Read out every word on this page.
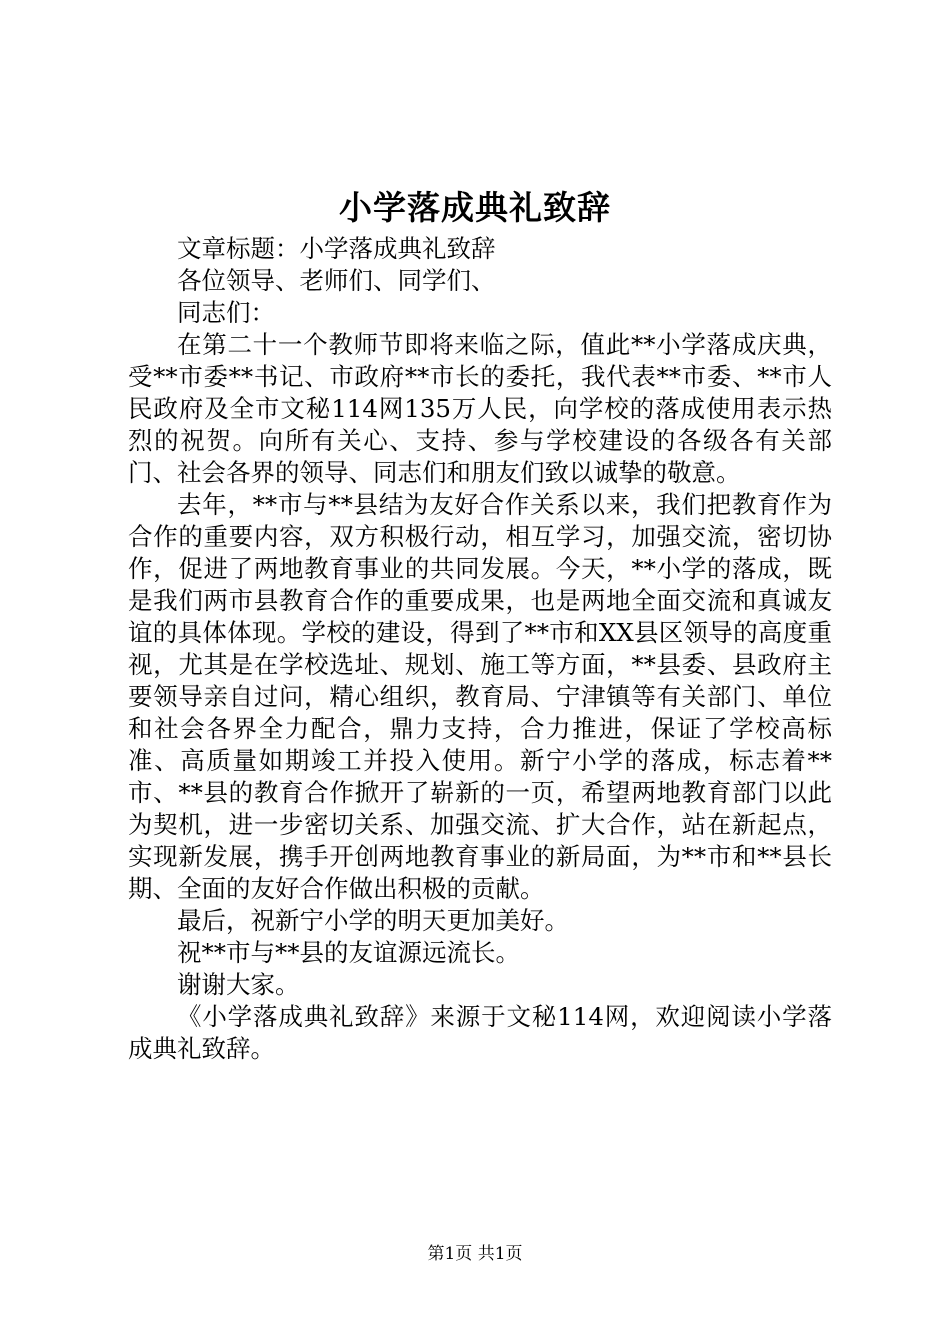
小学落成典礼致辞

文章标题：小学落成典礼致辞

各位领导、老师们、同学们、

同志们：

在第二十一个教师节即将来临之际，值此**小学落成庆典，受**市委**书记、市政府**市长的委托，我代表**市委、**市人民政府及全市文秘114网135万人民，向学校的落成使用表示热烈的祝贺。向所有关心、支持、参与学校建设的各级各有关部门、社会各界的领导、同志们和朋友们致以诚挚的敬意。

去年，**市与**县结为友好合作关系以来，我们把教育作为合作的重要内容，双方积极行动，相互学习，加强交流，密切协作，促进了两地教育事业的共同发展。今天，**小学的落成，既是我们两市县教育合作的重要成果，也是两地全面交流和真诚友谊的具体体现。学校的建设，得到了**市和XX县区领导的高度重视，尤其是在学校选址、规划、施工等方面，**县委、县政府主要领导亲自过问，精心组织，教育局、宁津镇等有关部门、单位和社会各界全力配合，鼎力支持，合力推进，保证了学校高标准、高质量如期竣工并投入使用。新宁小学的落成，标志着**市、**县的教育合作掀开了崭新的一页，希望两地教育部门以此为契机，进一步密切关系、加强交流、扩大合作，站在新起点，实现新发展，携手开创两地教育事业的新局面，为**市和**县长期、全面的友好合作做出积极的贡献。

最后，祝新宁小学的明天更加美好。

祝**市与**县的友谊源远流长。

谢谢大家。

《小学落成典礼致辞》来源于文秘114网，欢迎阅读小学落成典礼致辞。

第1页 共1页
